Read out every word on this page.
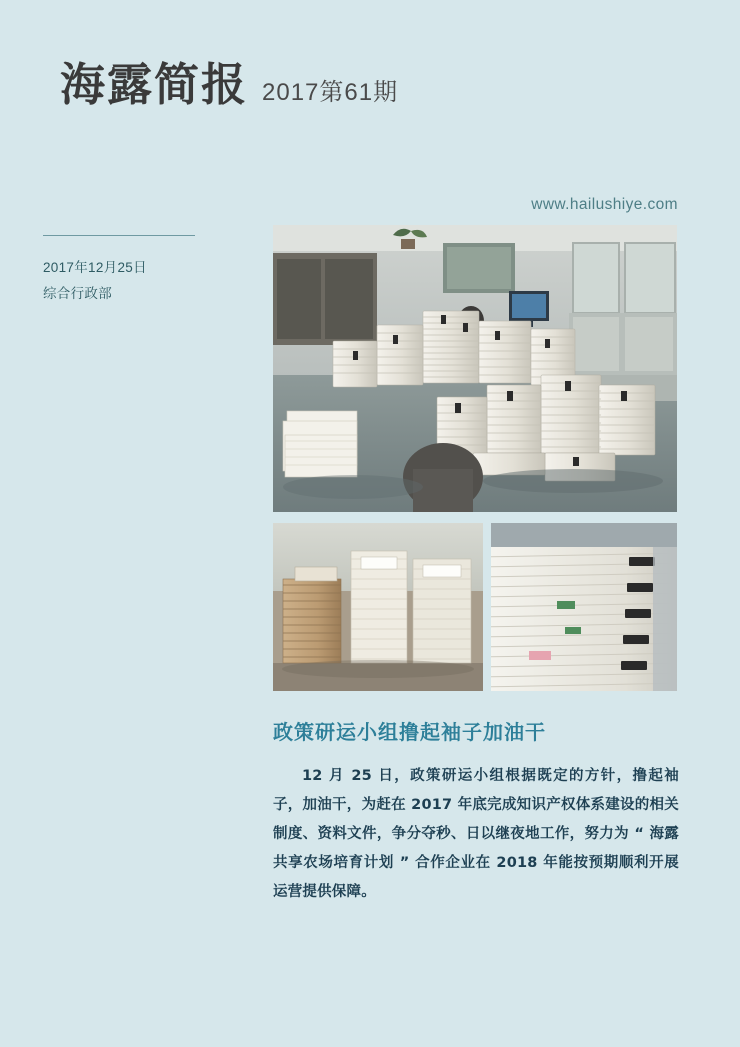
海露简报 2017第61期
www.hailushiye.com
2017年12月25日
综合行政部
政策研运小组撸起袖子加油干
12 月 25 日，政策研运小组根据既定的方针，撸起袖子，加油干，为赶在 2017 年底完成知识产权体系建设的相关制度、资料文件，争分夺秒、日以继夜地工作，努力为 “ 海露共享农场培育计划 ” 合作企业在 2018 年能按预期顺利开展运营提供保障。
